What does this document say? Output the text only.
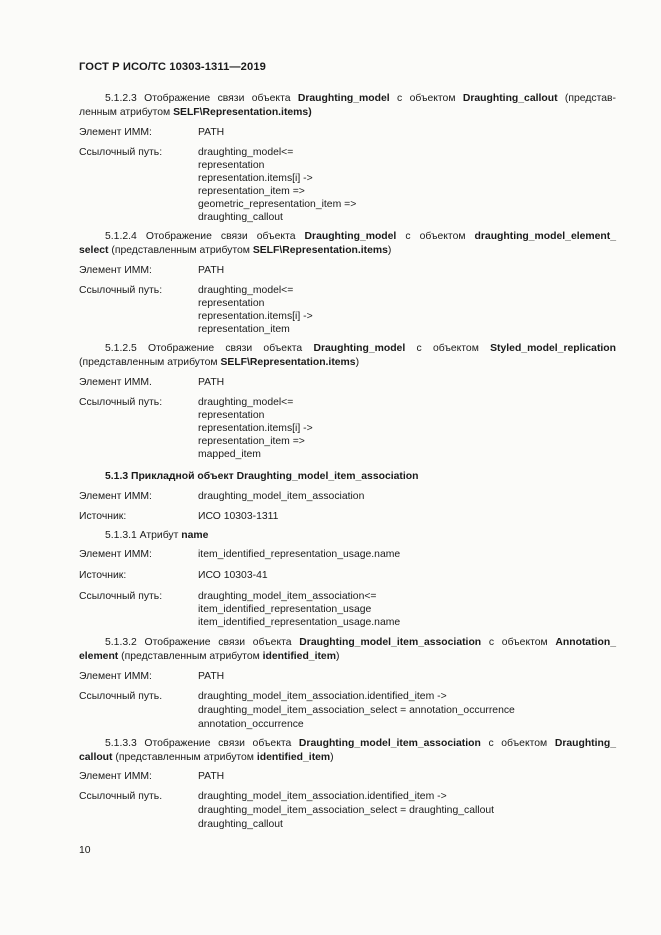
ГОСТ Р ИСО/ТС 10303-1311—2019
5.1.2.3 Отображение связи объекта Draughting_model с объектом Draughting_callout (представ-
ленным атрибутом SELF\Representation.items)
Элемент ИММ:	PATH
Ссылочный путь:	draughting_model<=
representation
representation.items[i] ->
representation_item =>
geometric_representation_item =>
draughting_callout
5.1.2.4 Отображение связи объекта Draughting_model с объектом draughting_model_element_
select (представленным атрибутом SELF\Representation.items)
Элемент ИММ:	PATH
Ссылочный путь:	draughting_model<=
representation
representation.items[i] ->
representation_item
5.1.2.5 Отображение связи объекта Draughting_model с объектом Styled_model_replication
(представленным атрибутом SELF\Representation.items)
Элемент ИММ.	PATH
Ссылочный путь:	draughting_model<=
representation
representation.items[i] ->
representation_item =>
mapped_item
5.1.3 Прикладной объект Draughting_model_item_association
Элемент ИММ:	draughting_model_item_association
Источник:	ИСО 10303-1311
5.1.3.1 Атрибут name
Элемент ИММ:	item_identified_representation_usage.name
Источник:	ИСО 10303-41
Ссылочный путь:	draughting_model_item_association<=
item_identified_representation_usage
item_identified_representation_usage.name
5.1.3.2 Отображение связи объекта Draughting_model_item_association с объектом Annotation_
element (представленным атрибутом identified_item)
Элемент ИММ:	PATH
Ссылочный путь.	draughting_model_item_association.identified_item ->
draughting_model_item_association_select = annotation_occurrence
annotation_occurrence
5.1.3.3 Отображение связи объекта Draughting_model_item_association с объектом Draughting_
callout (представленным атрибутом identified_item)
Элемент ИММ:	PATH
Ссылочный путь.	draughting_model_item_association.identified_item ->
draughting_model_item_association_select = draughting_callout
draughting_callout
10
